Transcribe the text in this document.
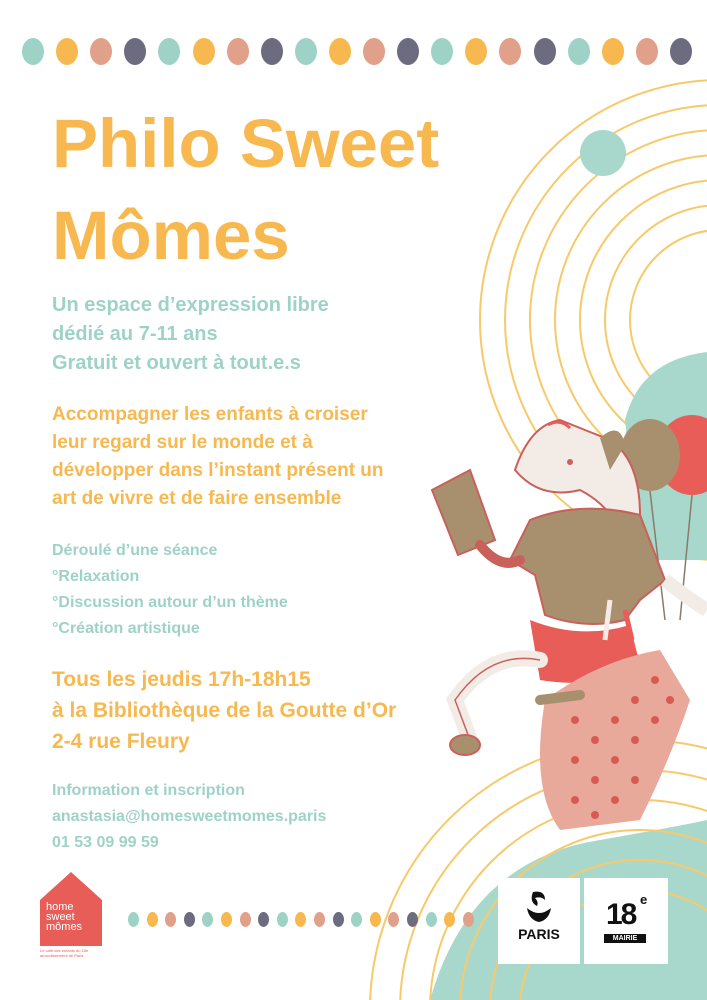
Philo Sweet
Mômes
Un espace d’expression libre
dédié au 7-11 ans
Gratuit et ouvert à tout.e.s
Accompagner les enfants à croiser
leur regard sur le monde et à
développer dans l’instant présent un
art de vivre et de faire ensemble
Déroulé d’une séance
°Relaxation
°Discussion autour d’un thème
°Création artistique
Tous les jeudis 17h-18h15
à la Bibliothèque de la Goutte d’Or
2-4 rue Fleury
Information et inscription
anastasia@homesweetmomes.paris
01 53 09 99 59
home
sweet
mômes
Le café des enfants du 18e arrondissement de Paris
PARIS
18 e
MAIRIE
